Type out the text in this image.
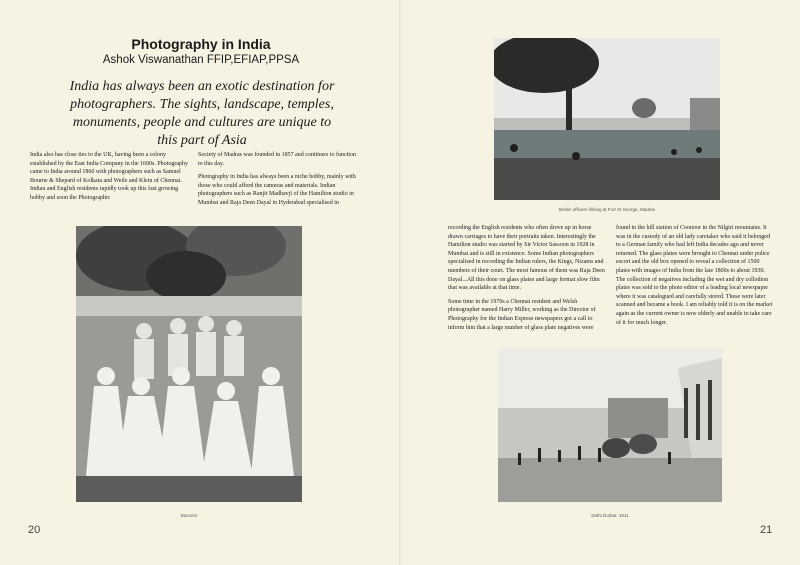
Photography in India
Ashok Viswanathan FFIP,EFIAP,PPSA
India has always been an exotic destination for photographers. The sights, landscape, temples, monuments, people and cultures are unique to this part of Asia

India also has close ties to the UK, having been a colony established by the East India Company in the 1600s. Photography came to India around 1860 with photographers such as Samuel Bourne & Shepard of Kolkata and Weile and Klein of Chennai. Indian and English residents rapidly took up this fast growing hobby and soon the Photographic

Society of Madras was founded in 1857 and continues to function to this day.

Photography in India has always been a niche hobby, mainly with those who could afford the cameras and materials. Indian photographers such as Ranjit Madhavji of the Hamilton studio in Mumbai and Raja Deen Dayal in Hyderabad specialised in

Dancers
20
British officers fishing at Fort St George, Madras

recording the English residents who often drove up in horse drawn carriages to have their portraits taken. Interestingly the Hamilton studio was started by Sir Victor Sassoon in 1928 in Mumbai and is still in existence. Some Indian photographers specialised in recording the Indian rulers, the Kings, Nizams and members of their court. The most famous of them was Raja Deen Dayal...All this done on glass plates and large format slow film that was available at that time.

Some time in the 1970s a Chennai resident and Welsh photographer named Harry Miller, working as the Director of Photography for the Indian Express newspapers got a call to inform him that a large number of glass plate negatives were

found in the hill station of Coonoor in the Nilgiri mountains. It was in the custody of an old lady caretaker who said it belonged to a German family who had left India decades ago and never returned. The glass plates were brought to Chennai under police escort and the old box opened to reveal a collection of 1500 plates with images of India from the late 1800s to about 1930. The collection of negatives including the wet and dry collodion plates was sold to the photo editor of a leading local newspaper where it was catalogued and carefully stored. These were later scanned and became a book. I am reliably told it is on the market again as the current owner is now elderly and unable to take care of it for much longer.

Delhi Durbar, 1911
21
